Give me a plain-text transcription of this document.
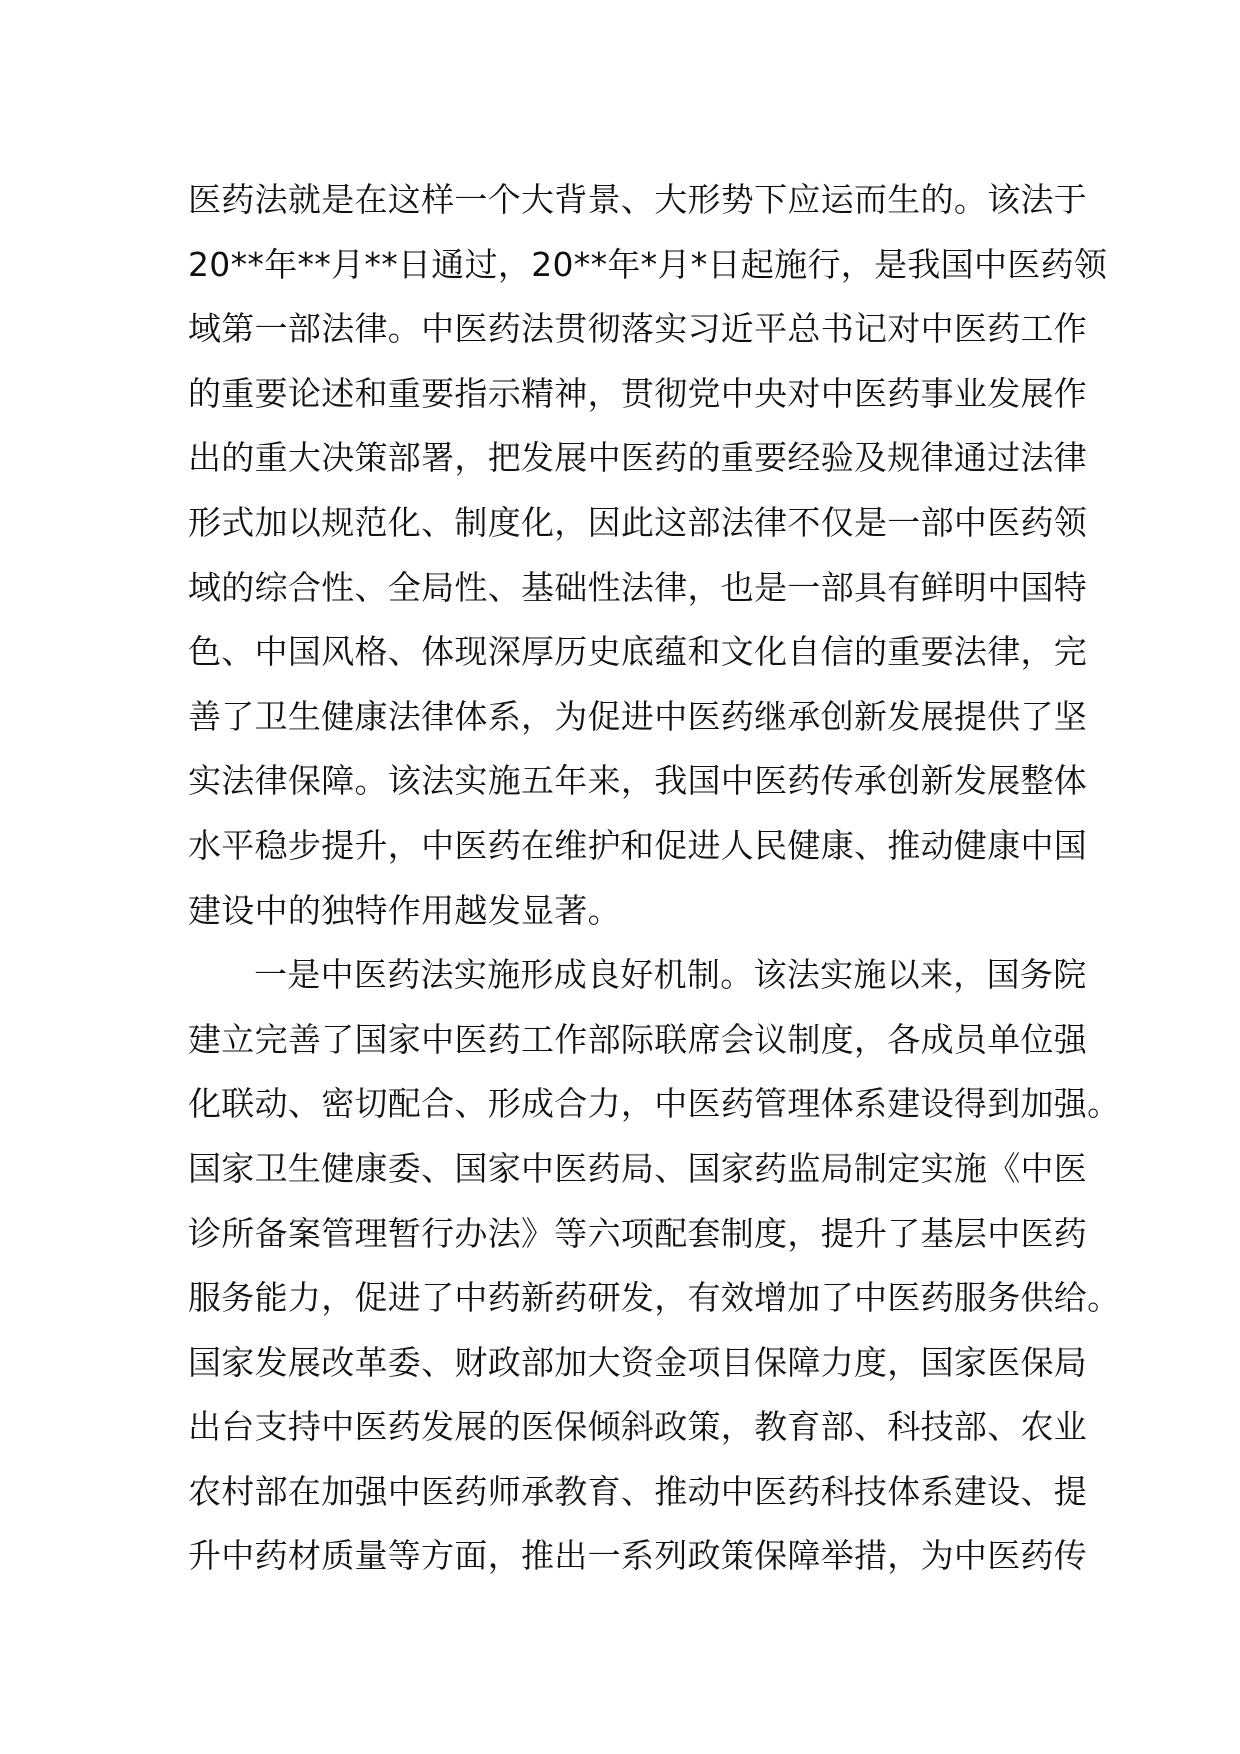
医药法就是在这样一个大背景、大形势下应运而生的。该法于
20**年**月**日通过，20**年*月*日起施行，是我国中医药领
域第一部法律。中医药法贯彻落实习近平总书记对中医药工作
的重要论述和重要指示精神，贯彻党中央对中医药事业发展作
出的重大决策部署，把发展中医药的重要经验及规律通过法律
形式加以规范化、制度化，因此这部法律不仅是一部中医药领
域的综合性、全局性、基础性法律，也是一部具有鲜明中国特
色、中国风格、体现深厚历史底蕴和文化自信的重要法律，完
善了卫生健康法律体系，为促进中医药继承创新发展提供了坚
实法律保障。该法实施五年来，我国中医药传承创新发展整体
水平稳步提升，中医药在维护和促进人民健康、推动健康中国
建设中的独特作用越发显著。
一是中医药法实施形成良好机制。该法实施以来，国务院
建立完善了国家中医药工作部际联席会议制度，各成员单位强
化联动、密切配合、形成合力，中医药管理体系建设得到加强。
国家卫生健康委、国家中医药局、国家药监局制定实施《中医
诊所备案管理暂行办法》等六项配套制度，提升了基层中医药
服务能力，促进了中药新药研发，有效增加了中医药服务供给。
国家发展改革委、财政部加大资金项目保障力度，国家医保局
出台支持中医药发展的医保倾斜政策，教育部、科技部、农业
农村部在加强中医药师承教育、推动中医药科技体系建设、提
升中药材质量等方面，推出一系列政策保障举措，为中医药传
